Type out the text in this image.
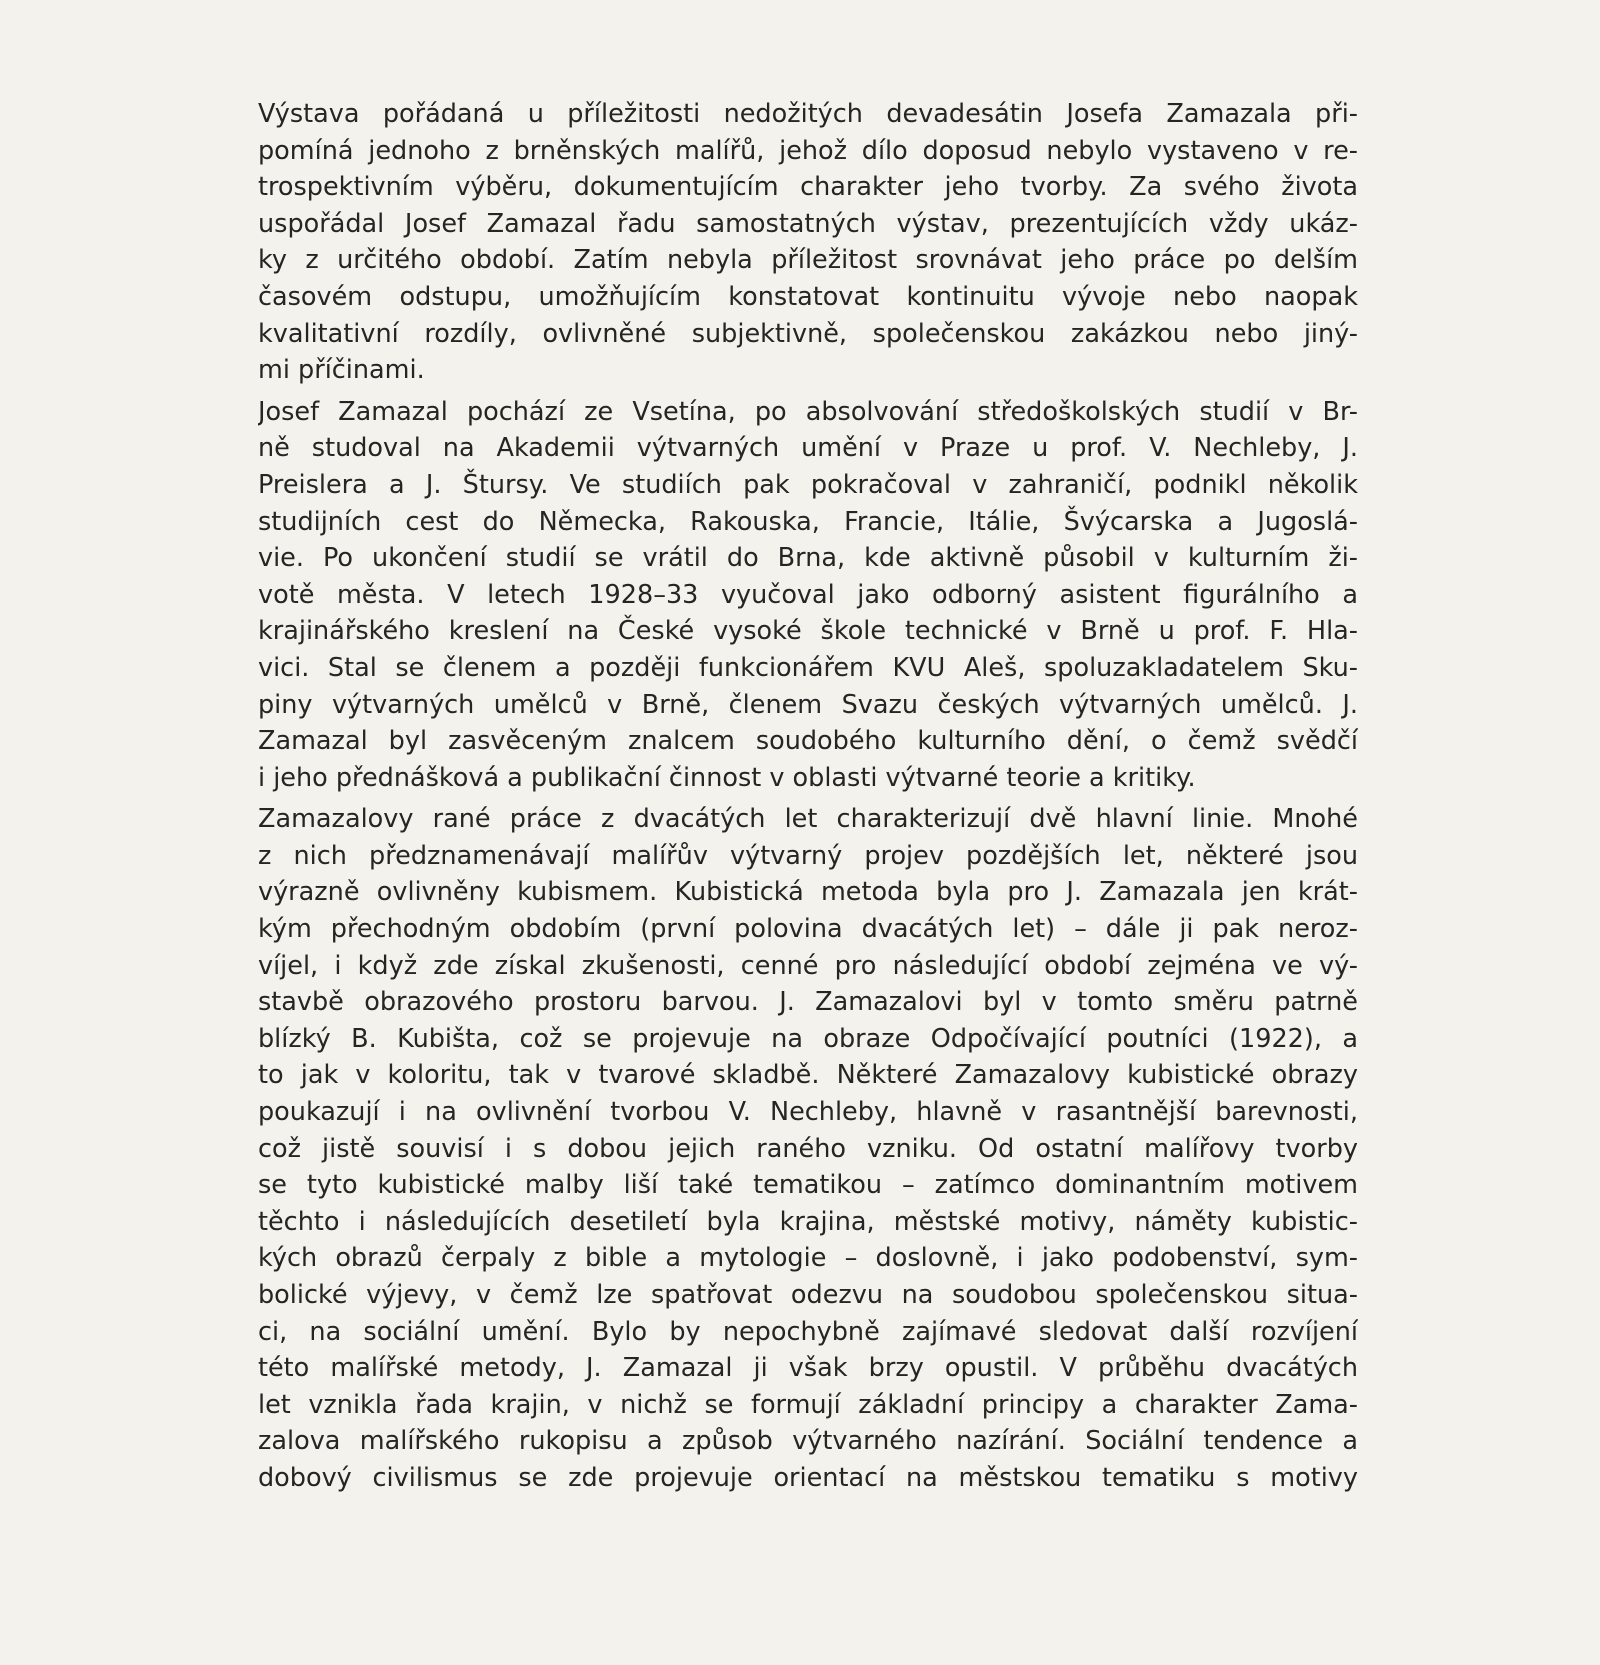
Výstava pořádaná u příležitosti nedožitých devadesátin Josefa Zamazala při-
pomíná jednoho z brněnských malířů, jehož dílo doposud nebylo vystaveno v re-
trospektivním výběru, dokumentujícím charakter jeho tvorby. Za svého života
uspořádal Josef Zamazal řadu samostatných výstav, prezentujících vždy ukáz-
ky z určitého období. Zatím nebyla příležitost srovnávat jeho práce po delším
časovém odstupu, umožňujícím konstatovat kontinuitu vývoje nebo naopak
kvalitativní rozdíly, ovlivněné subjektivně, společenskou zakázkou nebo jiný-
mi příčinami.
Josef Zamazal pochází ze Vsetína, po absolvování středoškolských studií v Br-
ně studoval na Akademii výtvarných umění v Praze u prof. V. Nechleby, J.
Preislera a J. Štursy. Ve studiích pak pokračoval v zahraničí, podnikl několik
studijních cest do Německa, Rakouska, Francie, Itálie, Švýcarska a Jugoslá-
vie. Po ukončení studií se vrátil do Brna, kde aktivně působil v kulturním ži-
votě města. V letech 1928–33 vyučoval jako odborný asistent figurálního a
krajinářského kreslení na České vysoké škole technické v Brně u prof. F. Hla-
vici. Stal se členem a později funkcionářem KVU Aleš, spoluzakladatelem Sku-
piny výtvarných umělců v Brně, členem Svazu českých výtvarných umělců. J.
Zamazal byl zasvěceným znalcem soudobého kulturního dění, o čemž svědčí
i jeho přednášková a publikační činnost v oblasti výtvarné teorie a kritiky.
Zamazalovy rané práce z dvacátých let charakterizují dvě hlavní linie. Mnohé
z nich předznamenávají malířův výtvarný projev pozdějších let, některé jsou
výrazně ovlivněny kubismem. Kubistická metoda byla pro J. Zamazala jen krát-
kým přechodným obdobím (první polovina dvacátých let) – dále ji pak neroz-
víjel, i když zde získal zkušenosti, cenné pro následující období zejména ve vý-
stavbě obrazového prostoru barvou. J. Zamazalovi byl v tomto směru patrně
blízký B. Kubišta, což se projevuje na obraze Odpočívající poutníci (1922), a
to jak v koloritu, tak v tvarové skladbě. Některé Zamazalovy kubistické obrazy
poukazují i na ovlivnění tvorbou V. Nechleby, hlavně v rasantnější barevnosti,
což jistě souvisí i s dobou jejich raného vzniku. Od ostatní malířovy tvorby
se tyto kubistické malby liší také tematikou – zatímco dominantním motivem
těchto i následujících desetiletí byla krajina, městské motivy, náměty kubistic-
kých obrazů čerpaly z bible a mytologie – doslovně, i jako podobenství, sym-
bolické výjevy, v čemž lze spatřovat odezvu na soudobou společenskou situa-
ci, na sociální umění. Bylo by nepochybně zajímavé sledovat další rozvíjení
této malířské metody, J. Zamazal ji však brzy opustil. V průběhu dvacátých
let vznikla řada krajin, v nichž se formují základní principy a charakter Zama-
zalova malířského rukopisu a způsob výtvarného nazírání. Sociální tendence a
dobový civilismus se zde projevuje orientací na městskou tematiku s motivy
